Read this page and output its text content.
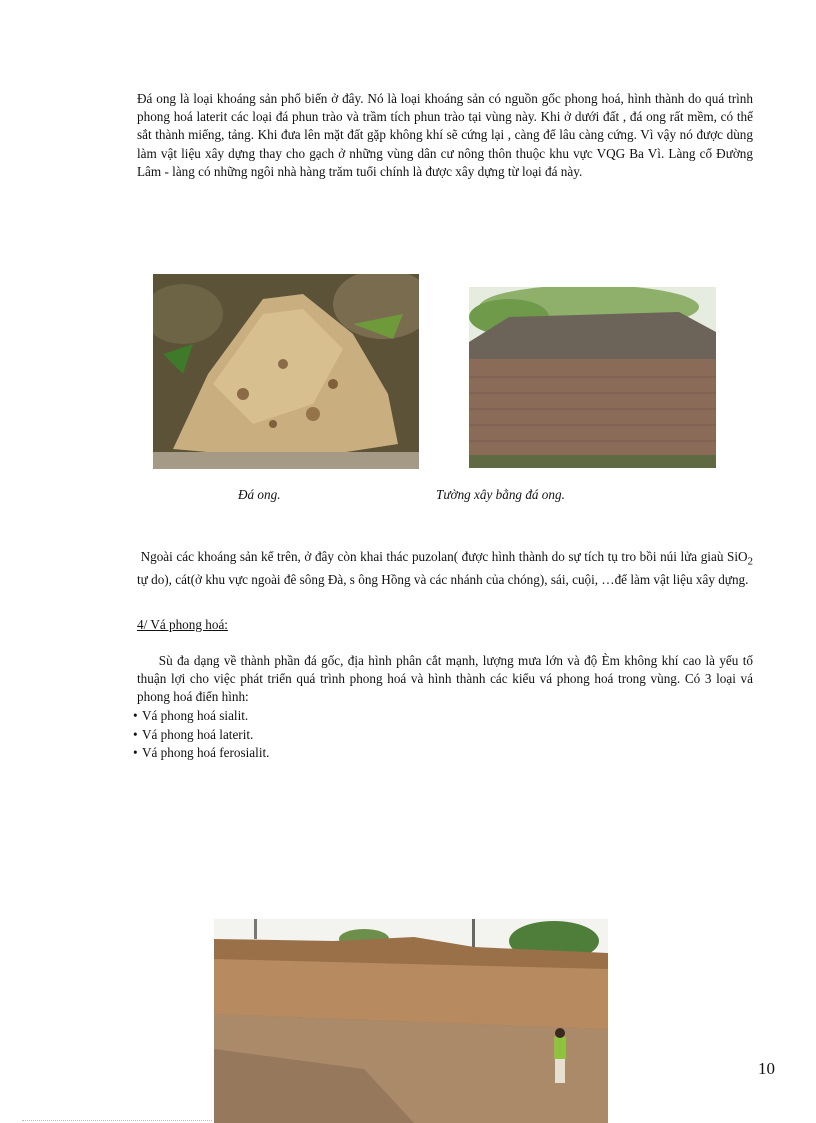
Đá ong là loại khoáng sản phổ biến ở đây. Nó là loại khoáng sản có nguồn gốc phong hoá, hình thành do quá trình phong hoá laterit các loại đá phun trào và trầm tích phun trào tại vùng này. Khi ở dưới đất , đá ong rất mềm, có thể sắt thành miếng, tảng. Khi đưa lên mặt đất gặp không khí sẽ cứng lại , càng để lâu càng cứng. Vì vậy nó được dùng làm vật liệu xây dựng thay cho gạch ở những vùng dân cư nông thôn thuộc khu vực VQG Ba Vì. Làng cổ Đường Lâm - làng có những ngôi nhà hàng trăm tuổi chính là được xây dựng từ loại đá này.

Đá ong.	Tường xây bằng đá ong.

Ngoài các khoáng sản kể trên, ở đây còn khai thác puzolan( được hình thành do sự tích tụ tro bồi núi lửa giaù SiO$_2$ tự do), cát(ở khu vực ngoài đê sông Đà, s ông Hồng và các nhánh của chóng), sái, cuội, …để làm vật liệu xây dựng.

4/ Vá phong hoá:

Sù đa dạng về thành phần đá gốc, địa hình phân cắt mạnh, lượng mưa lớn và độ Èm không khí cao là yếu tố thuận lợi cho việc phát triển quá trình phong hoá và hình thành các kiểu vá phong hoá trong vùng. Có 3 loại vá phong hoá điển hình:

• Vá phong hoá sialit.
• Vá phong hoá laterit.
• Vá phong hoá ferosialit.

10
